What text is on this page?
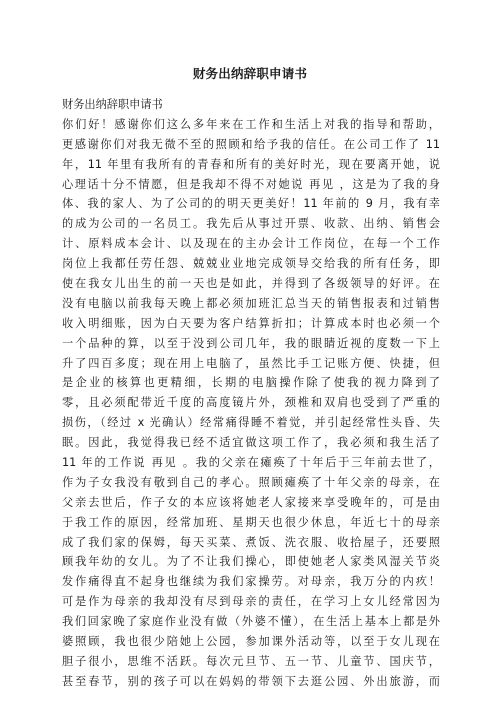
财务出纳辞职申请书
财务出纳辞职申请书
你们好！感谢你们这么多年来在工作和生活上对我的指导和帮助，
更感谢你们对我无微不至的照顾和给予我的信任。在公司工作了 11
年，11 年里有我所有的青春和所有的美好时光，现在要离开她，说
心理话十分不情愿，但是我却不得不对她说 再见 ，这是为了我的身
体、我的家人、为了公司的的明天更美好！11 年前的 9 月，我有幸
的成为公司的一名员工。我先后从事过开票、收款、出纳、销售会
计、原料成本会计、以及现在的主办会计工作岗位，在每一个工作
岗位上我都任劳任怨、兢兢业业地完成领导交给我的所有任务，即
使在我女儿出生的前一天也是如此，并得到了各级领导的好评。在
没有电脑以前我每天晚上都必须加班汇总当天的销售报表和过销售
收入明细账，因为白天要为客户结算折扣；计算成本时也必须一个
一个品种的算，以至于没到公司几年，我的眼睛近视的度数一下上
升了四百多度；现在用上电脑了，虽然比手工记账方便、快捷，但
是企业的核算也更精细，长期的电脑操作除了使我的视力降到了
零，且必须配带近千度的高度镜片外，颈椎和双肩也受到了严重的
损伤，（经过 x 光确认）经常痛得睡不着觉，并引起经常性头昏、失
眠。因此，我觉得我已经不适宜做这项工作了，我必须和我生活了
11 年的工作说 再见 。我的父亲在瘫痪了十年后于三年前去世了，
作为子女我没有敬到自己的孝心。照顾瘫痪了十年父亲的母亲，在
父亲去世后，作子女的本应该将她老人家接来享受晚年的，可是由
于我工作的原因，经常加班、星期天也很少休息，年近七十的母亲
成了我们家的保姆，每天买菜、煮饭、洗衣服、收拾屋子，还要照
顾我年幼的女儿。为了不让我们操心，即使她老人家类风湿关节炎
发作痛得直不起身也继续为我们家操劳。对母亲，我万分的内疚！
可是作为母亲的我却没有尽到母亲的责任，在学习上女儿经常因为
我们回家晚了家庭作业没有做（外婆不懂），在生活上基本上都是外
婆照顾，我也很少陪她上公园，参加课外活动等，以至于女儿现在
胆子很小，思维不活跃。每次元旦节、五一节、儿童节、国庆节，
甚至春节，别的孩子可以在妈妈的带领下去逛公园、外出旅游，而
